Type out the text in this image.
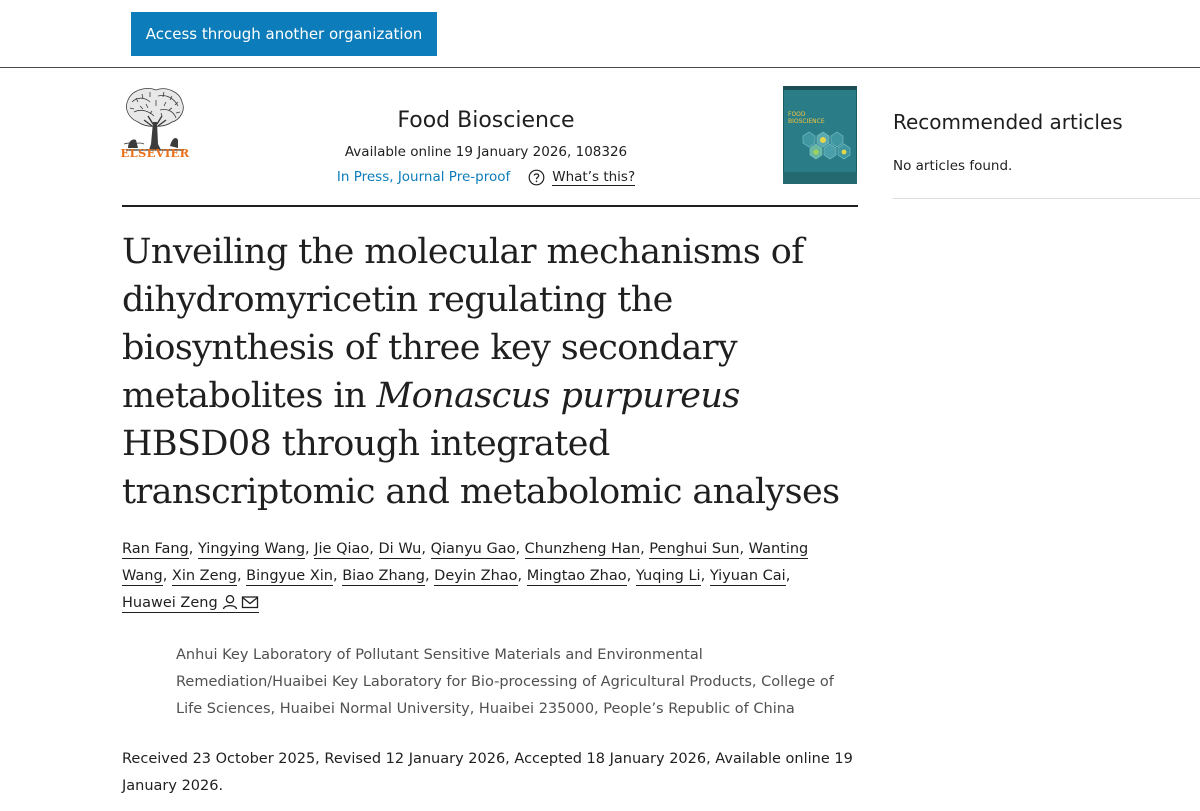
Access through another organization
ELSEVIER
Food Bioscience
Available online 19 January 2026, 108326
In Press, Journal Pre-proof	What’s this?
FOOD
BIOSCIENCE
Unveiling the molecular mechanisms of dihydromyricetin regulating the biosynthesis of three key secondary metabolites in Monascus purpureus HBSD08 through integrated transcriptomic and metabolomic analyses
Ran Fang, Yingying Wang, Jie Qiao, Di Wu, Qianyu Gao, Chunzheng Han, Penghui Sun, Wanting Wang, Xin Zeng, Bingyue Xin, Biao Zhang, Deyin Zhao, Mingtao Zhao, Yuqing Li, Yiyuan Cai, Huawei Zeng
Anhui Key Laboratory of Pollutant Sensitive Materials and Environmental Remediation/Huaibei Key Laboratory for Bio-processing of Agricultural Products, College of Life Sciences, Huaibei Normal University, Huaibei 235000, People’s Republic of China
Received 23 October 2025, Revised 12 January 2026, Accepted 18 January 2026, Available online 19 January 2026.
Recommended articles
No articles found.
